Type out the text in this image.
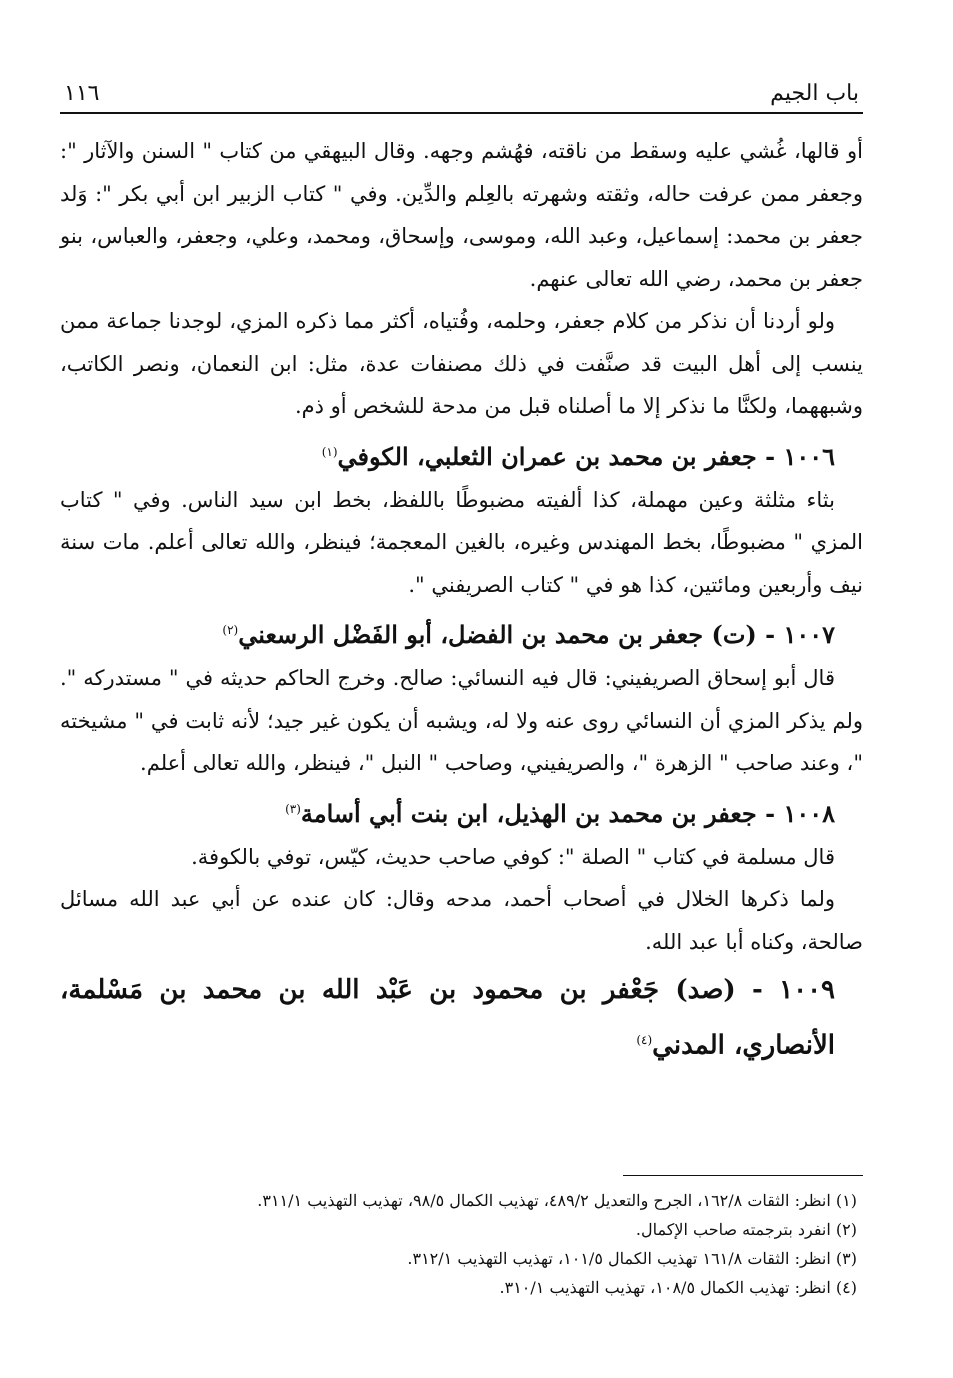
باب الجيم
١١٦

أو قالها، غُشي عليه وسقط من ناقته، فهُشم وجهه. وقال البيهقي من كتاب " السنن والآثار ": وجعفر ممن عرفت حاله، وثقته وشهرته بالعِلم والدِّين. وفي " كتاب الزبير ابن أبي بكر ": وَلد جعفر بن محمد: إسماعيل، وعبد الله، وموسى، وإسحاق، ومحمد، وعلي، وجعفر، والعباس، بنو جعفر بن محمد، رضي الله تعالى عنهم.

ولو أردنا أن نذكر من كلام جعفر، وحلمه، وفُتياه، أكثر مما ذكره المزي، لوجدنا جماعة ممن ينسب إلى أهل البيت قد صنَّفت في ذلك مصنفات عدة، مثل: ابن النعمان، ونصر الكاتب، وشبههما، ولكنَّا ما نذكر إلا ما أصلناه قبل من مدحة للشخص أو ذم.

١٠٠٦ - جعفر بن محمد بن عمران الثعلبي، الكوفي$^{(١)}$

بثاء مثلثة وعين مهملة، كذا ألفيته مضبوطًا باللفظ، بخط ابن سيد الناس. وفي " كتاب المزي " مضبوطًا، بخط المهندس وغيره، بالغين المعجمة؛ فينظر، والله تعالى أعلم. مات سنة نيف وأربعين ومائتين، كذا هو في " كتاب الصريفني ".

١٠٠٧ - (ت) جعفر بن محمد بن الفضل، أبو الفَضْل الرسعني$^{(٢)}$

قال أبو إسحاق الصريفيني: قال فيه النسائي: صالح. وخرج الحاكم حديثه في " مستدركه ". ولم يذكر المزي أن النسائي روى عنه ولا له، ويشبه أن يكون غير جيد؛ لأنه ثابت في " مشيخته "، وعند صاحب " الزهرة "، والصريفيني، وصاحب " النبل "، فينظر، والله تعالى أعلم.

١٠٠٨ - جعفر بن محمد بن الهذيل، ابن بنت أبي أسامة$^{(٣)}$

قال مسلمة في كتاب " الصلة ": كوفي صاحب حديث، كيّس، توفي بالكوفة.

ولما ذكرها الخلال في أصحاب أحمد، مدحه وقال: كان عنده عن أبي عبد الله مسائل صالحة، وكناه أبا عبد الله.

١٠٠٩ - (صد) جَعْفر بن محمود بن عَبْد الله بن محمد بن مَسْلمة، الأنصاري، المدني$^{(٤)}$

(١) انظر: الثقات ١٦٢/٨، الجرح والتعديل ٤٨٩/٢، تهذيب الكمال ٩٨/٥، تهذيب التهذيب ٣١١/١.

(٢) انفرد بترجمته صاحب الإكمال.

(٣) انظر: الثقات ١٦١/٨ تهذيب الكمال ١٠١/٥، تهذيب التهذيب ٣١٢/١.

(٤) انظر: تهذيب الكمال ١٠٨/٥، تهذيب التهذيب ٣١٠/١.
